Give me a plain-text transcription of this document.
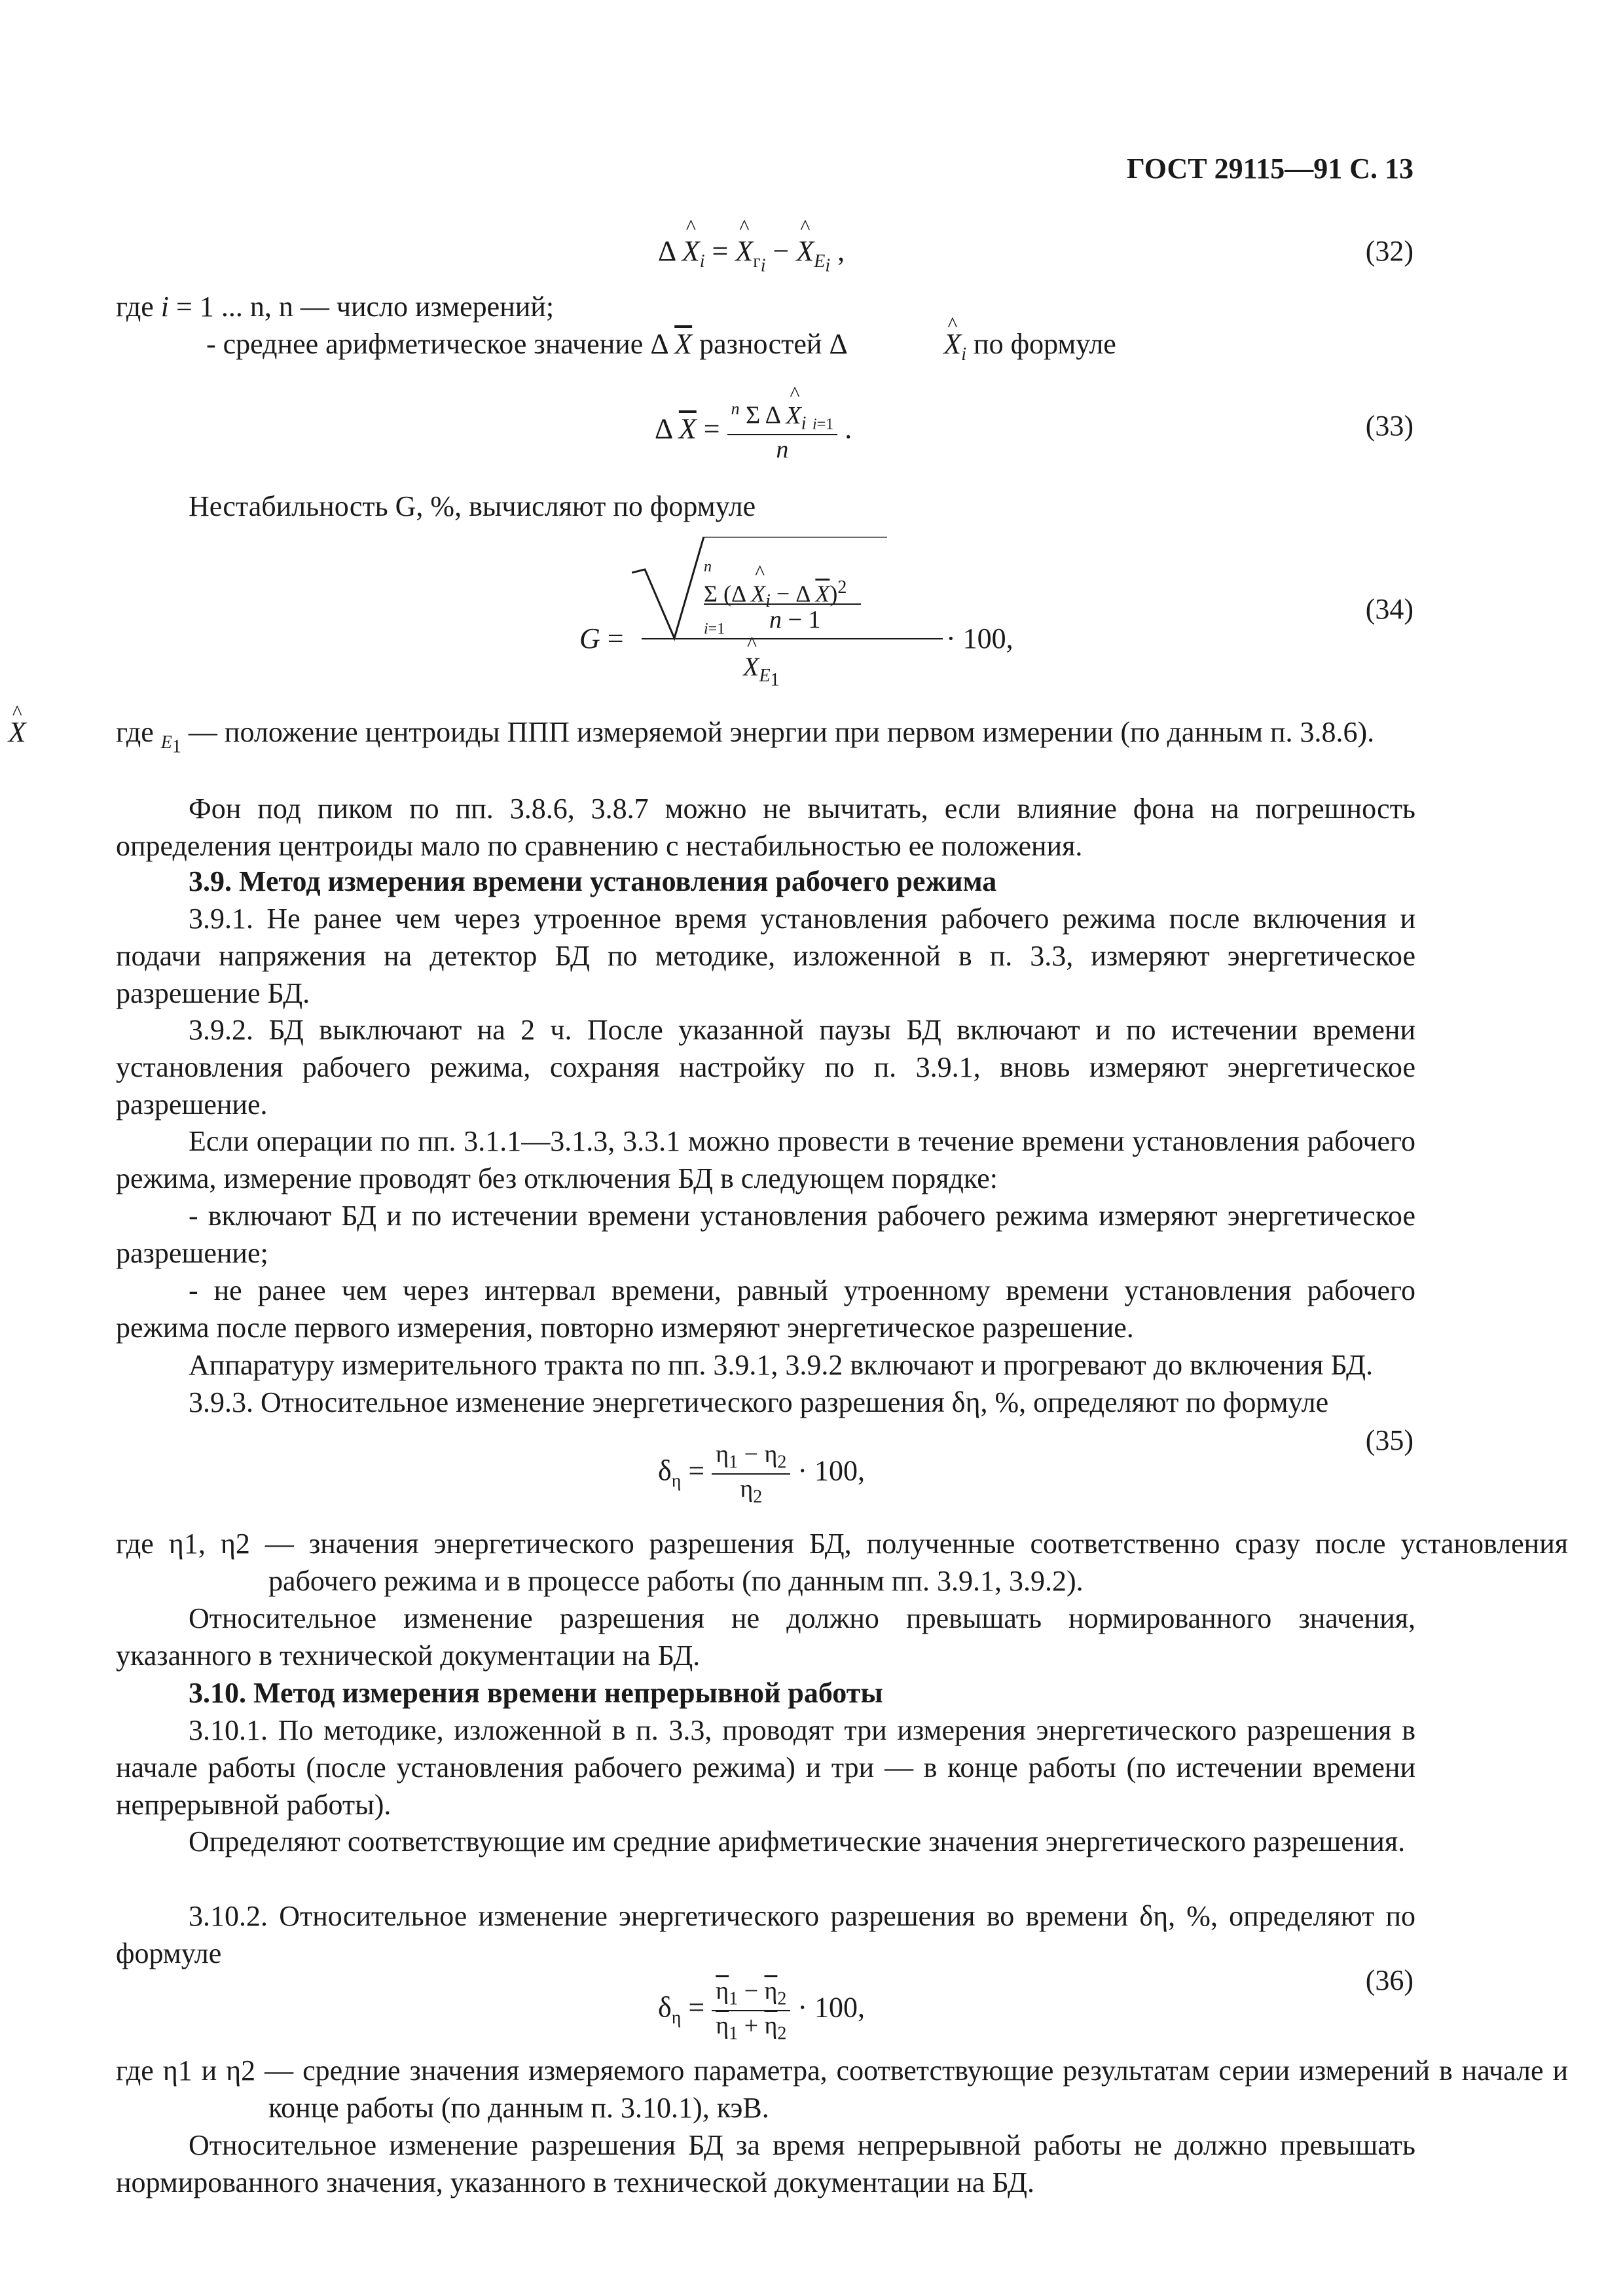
ГОСТ 29115—91 С. 13
Δ ^ $X_i$ = ^ $X_{г_i}$ − ^ $X_{E_i}$ ,	(32)
где i = 1 ... n, n — число измерений;
- среднее арифметическое значение Δ $\overline{X}$ разностей Δ	^ $X_i$ по формуле
Δ $\overline{X} = \frac{^n \Sigma \Delta \^{} X_i _{i=1}}{n}$ .	(33)
Нестабильность G, %, вычисляют по формуле
n
Σ (Δ ^ $X_i - \Delta$ $\overline{X})^2$
i=1	n − 1
G =	· 100,
^ $X_{E_1}$
(34)
где X	$_{E_1}$ — положение центроиды ППП измеряемой энергии при первом измерении (по данным п. 3.8.6).
Фон под пиком по пп. 3.8.6, 3.8.7 можно не вычитать, если влияние фона на погрешность определения центроиды мало по сравнению с нестабильностью ее положения.
3.9. Метод измерения времени установления рабочего режима
3.9.1. Не ранее чем через утроенное время установления рабочего режима после включения и подачи напряжения на детектор БД по методике, изложенной в п. 3.3, измеряют энергетическое разрешение БД.
3.9.2. БД выключают на 2 ч. После указанной паузы БД включают и по истечении времени установления рабочего режима, сохраняя настройку по п. 3.9.1, вновь измеряют энергетическое разрешение.
Если операции по пп. 3.1.1—3.1.3, 3.3.1 можно провести в течение времени установления рабочего режима, измерение проводят без отключения БД в следующем порядке:
- включают БД и по истечении времени установления рабочего режима измеряют энергетическое разрешение;
- не ранее чем через интервал времени, равный утроенному времени установления рабочего режима после первого измерения, повторно измеряют энергетическое разрешение.
Аппаратуру измерительного тракта по пп. 3.9.1, 3.9.2 включают и прогревают до включения БД.
3.9.3. Относительное изменение энергетического разрешения δη, %, определяют по формуле
$\delta_\eta = \frac{\eta_1 - \eta_2}{\eta_2} \cdot 100$,
(35)
где η1, η2 — значения энергетического разрешения БД, полученные соответственно сразу после установления рабочего режима и в процессе работы (по данным пп. 3.9.1, 3.9.2).
Относительное изменение разрешения не должно превышать нормированного значения, указанного в технической документации на БД.
3.10. Метод измерения времени непрерывной работы
3.10.1. По методике, изложенной в п. 3.3, проводят три измерения энергетического разрешения в начале работы (после установления рабочего режима) и три — в конце работы (по истечении времени непрерывной работы).
Определяют соответствующие им средние арифметические значения энергетического разрешения.
3.10.2. Относительное изменение энергетического разрешения во времени δη, %, определяют по формуле
$\delta_\eta = \frac{\overline{\eta}_1 - \overline{\eta}_2}{\overline{\eta}_1 + \overline{\eta}_2} \cdot 100$,
(36)
где η1 и η2 — средние значения измеряемого параметра, соответствующие результатам серии измерений в начале и конце работы (по данным п. 3.10.1), кэВ.
Относительное изменение разрешения БД за время непрерывной работы не должно превышать нормированного значения, указанного в технической документации на БД.
